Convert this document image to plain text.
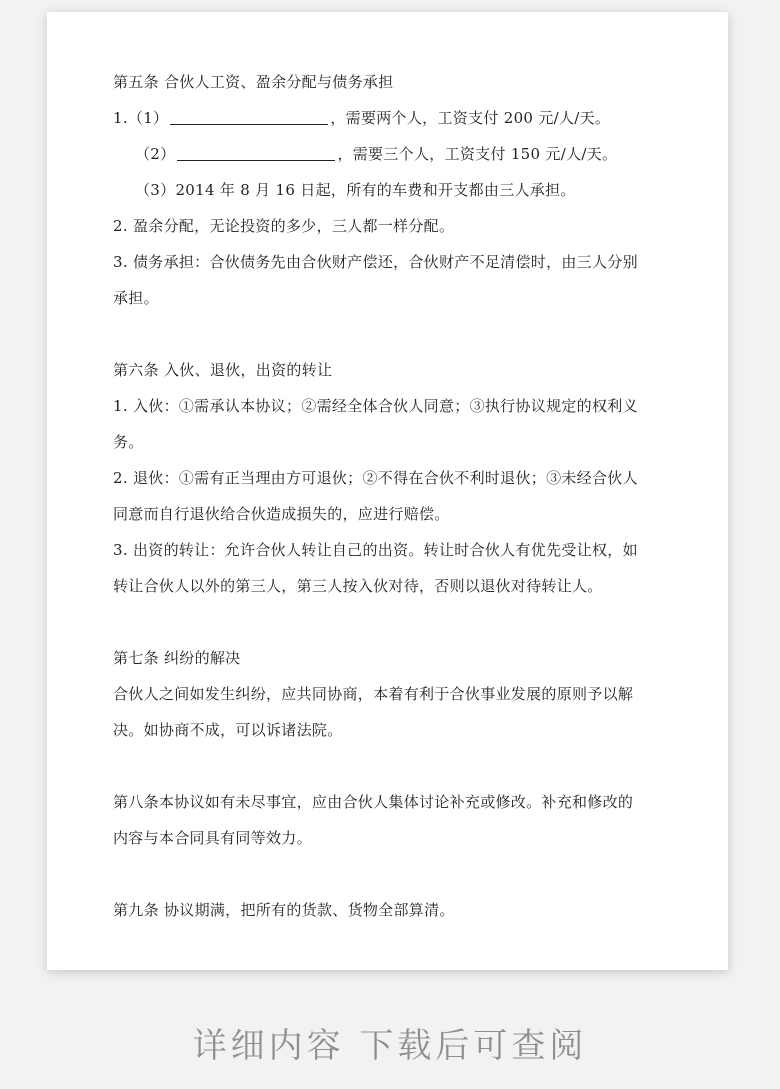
第五条 合伙人工资、盈余分配与债务承担
1.（1）	，需要两个人，工资支付 200 元/人/天。
（2）	，需要三个人，工资支付 150 元/人/天。
（3）2014 年 8 月 16 日起，所有的车费和开支都由三人承担。
2. 盈余分配，无论投资的多少，三人都一样分配。
3. 债务承担：合伙债务先由合伙财产偿还，合伙财产不足清偿时，由三人分别
承担。
第六条 入伙、退伙，出资的转让
1. 入伙：①需承认本协议；②需经全体合伙人同意；③执行协议规定的权利义
务。
2. 退伙：①需有正当理由方可退伙；②不得在合伙不利时退伙；③未经合伙人
同意而自行退伙给合伙造成损失的，应进行赔偿。
3. 出资的转让：允许合伙人转让自己的出资。转让时合伙人有优先受让权，如
转让合伙人以外的第三人，第三人按入伙对待，否则以退伙对待转让人。
第七条 纠纷的解决
合伙人之间如发生纠纷，应共同协商，本着有利于合伙事业发展的原则予以解
决。如协商不成，可以诉诸法院。
第八条本协议如有未尽事宜，应由合伙人集体讨论补充或修改。补充和修改的
内容与本合同具有同等效力。
第九条 协议期满，把所有的货款、货物全部算清。
详细内容 下载后可查阅
